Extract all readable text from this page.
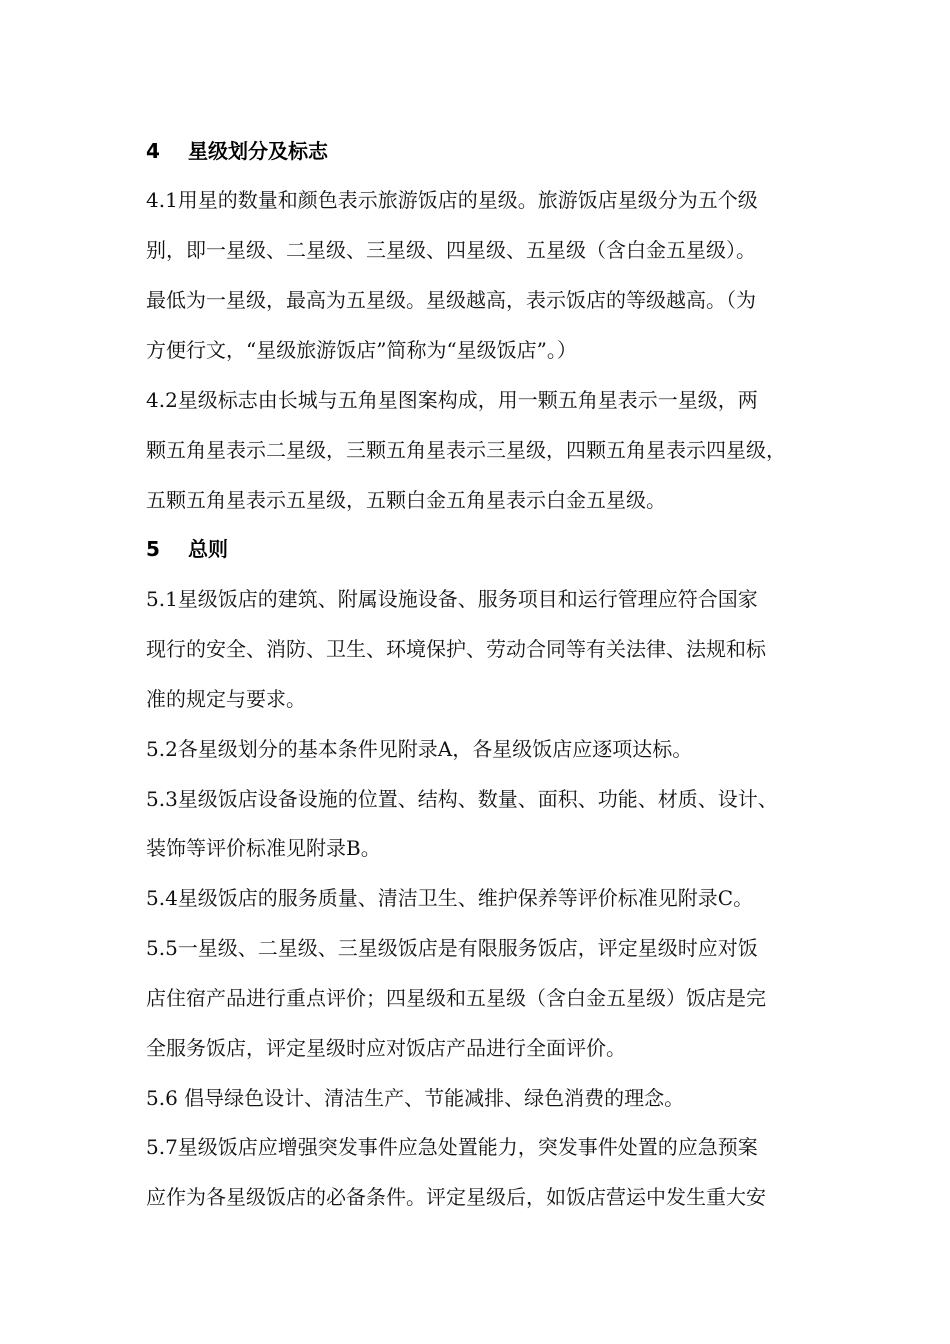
4 星级划分及标志
4.1用星的数量和颜色表示旅游饭店的星级。旅游饭店星级分为五个级
别，即一星级、二星级、三星级、四星级、五星级（含白金五星级）。
最低为一星级，最高为五星级。星级越高，表示饭店的等级越高。（为
方便行文，“星级旅游饭店”简称为“星级饭店”。）
4.2星级标志由长城与五角星图案构成，用一颗五角星表示一星级，两
颗五角星表示二星级，三颗五角星表示三星级，四颗五角星表示四星级，
五颗五角星表示五星级，五颗白金五角星表示白金五星级。
5 总则
5.1星级饭店的建筑、附属设施设备、服务项目和运行管理应符合国家
现行的安全、消防、卫生、环境保护、劳动合同等有关法律、法规和标
准的规定与要求。
5.2各星级划分的基本条件见附录A，各星级饭店应逐项达标。
5.3星级饭店设备设施的位置、结构、数量、面积、功能、材质、设计、
装饰等评价标准见附录B。
5.4星级饭店的服务质量、清洁卫生、维护保养等评价标准见附录C。
5.5一星级、二星级、三星级饭店是有限服务饭店，评定星级时应对饭
店住宿产品进行重点评价；四星级和五星级（含白金五星级）饭店是完
全服务饭店，评定星级时应对饭店产品进行全面评价。
5.6 倡导绿色设计、清洁生产、节能减排、绿色消费的理念。
5.7星级饭店应增强突发事件应急处置能力，突发事件处置的应急预案
应作为各星级饭店的必备条件。评定星级后，如饭店营运中发生重大安
